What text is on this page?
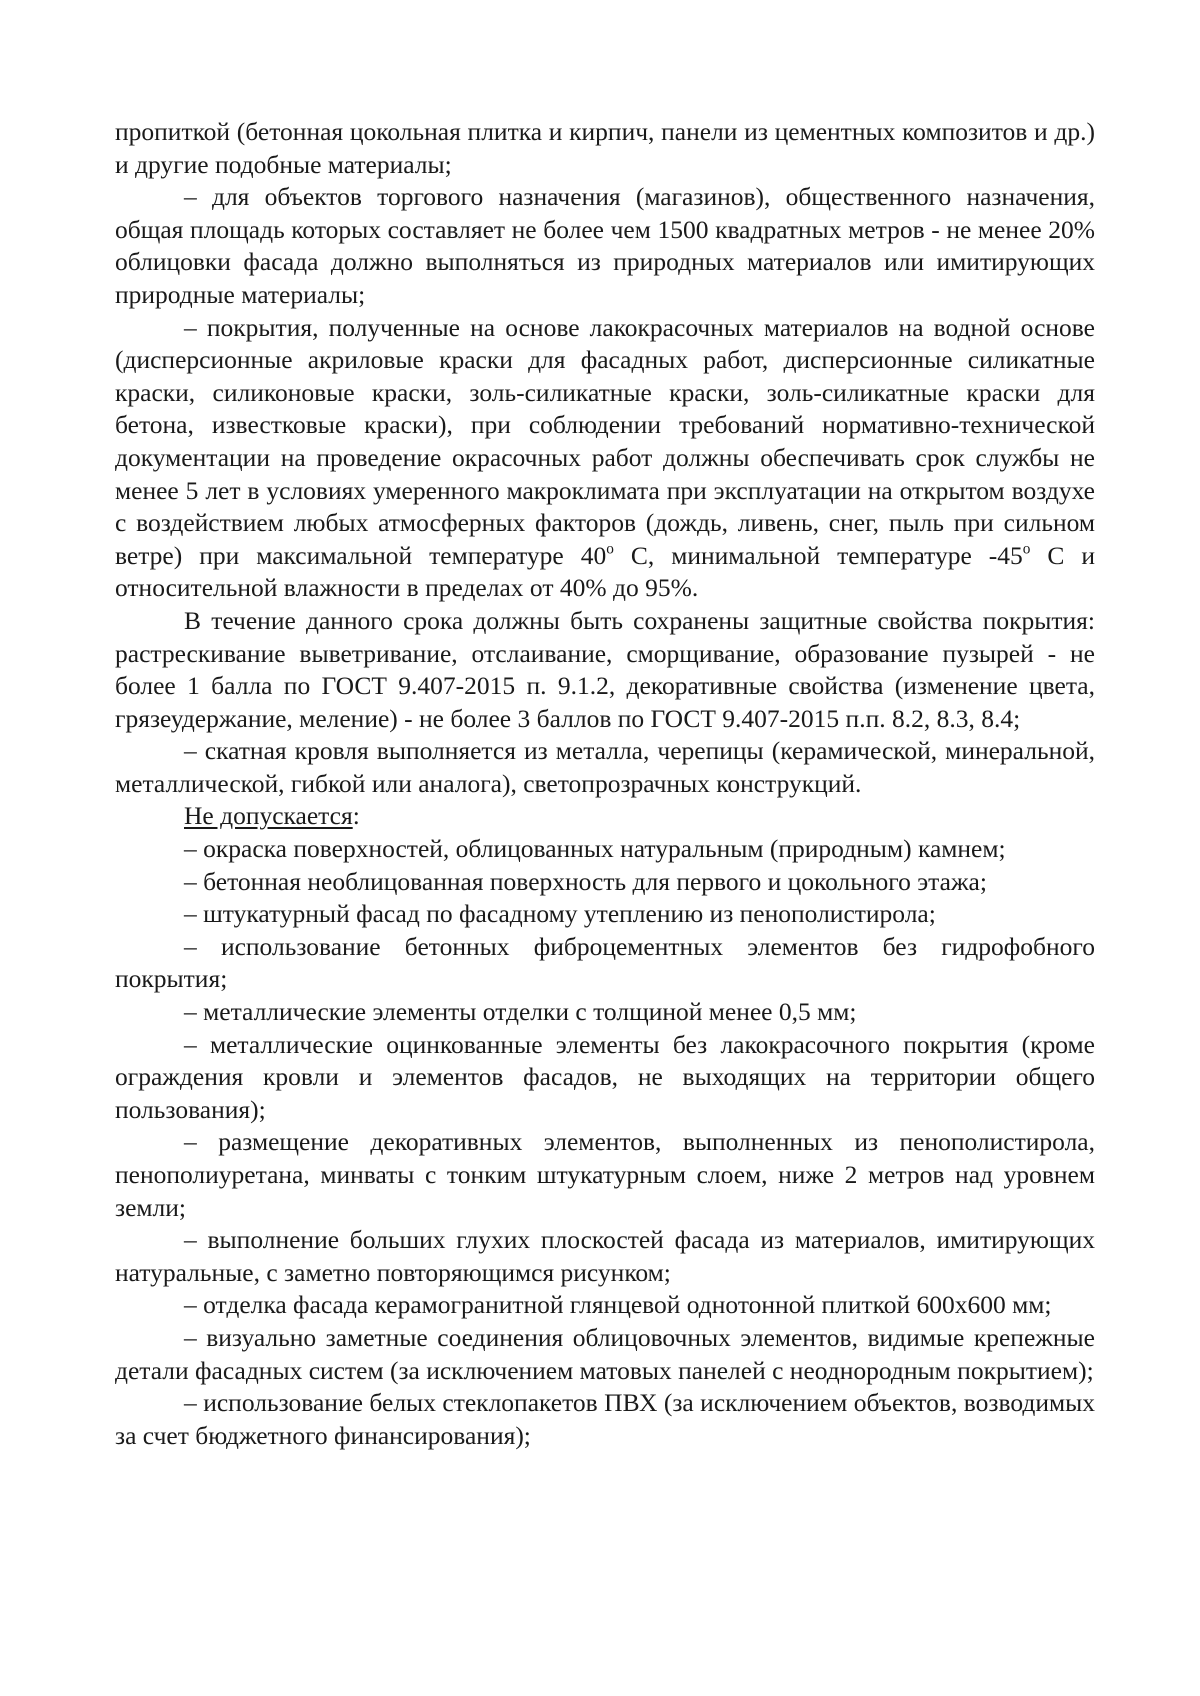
пропиткой (бетонная цокольная плитка и кирпич, панели из цементных композитов и др.) и другие подобные материалы;

– для объектов торгового назначения (магазинов), общественного назначения, общая площадь которых составляет не более чем 1500 квадратных метров - не менее 20% облицовки фасада должно выполняться из природных материалов или имитирующих природные материалы;

– покрытия, полученные на основе лакокрасочных материалов на водной основе (дисперсионные акриловые краски для фасадных работ, дисперсионные силикатные краски, силиконовые краски, золь-силикатные краски, золь-силикатные краски для бетона, известковые краски), при соблюдении требований нормативно-технической документации на проведение окрасочных работ должны обеспечивать срок службы не менее 5 лет в условиях умеренного макроклимата при эксплуатации на открытом воздухе с воздействием любых атмосферных факторов (дождь, ливень, снег, пыль при сильном ветре) при максимальной температуре $40^о$ С, минимальной температуре $-45^о$ С и относительной влажности в пределах от 40% до 95%.

В течение данного срока должны быть сохранены защитные свойства покрытия: растрескивание выветривание, отслаивание, сморщивание, образование пузырей - не более 1 балла по ГОСТ 9.407-2015 п. 9.1.2, декоративные свойства (изменение цвета, грязеудержание, меление) - не более 3 баллов по ГОСТ 9.407-2015 п.п. 8.2, 8.3, 8.4;

– скатная кровля выполняется из металла, черепицы (керамической, минеральной, металлической, гибкой или аналога), светопрозрачных конструкций.

Не допускается:

– окраска поверхностей, облицованных натуральным (природным) камнем;

– бетонная необлицованная поверхность для первого и цокольного этажа;

– штукатурный фасад по фасадному утеплению из пенополистирола;

– использование бетонных фиброцементных элементов без гидрофобного покрытия;

– металлические элементы отделки с толщиной менее 0,5 мм;

– металлические оцинкованные элементы без лакокрасочного покрытия (кроме ограждения кровли и элементов фасадов, не выходящих на территории общего пользования);

– размещение декоративных элементов, выполненных из пенополистирола, пенополиуретана, минваты с тонким штукатурным слоем, ниже 2 метров над уровнем земли;

– выполнение больших глухих плоскостей фасада из материалов, имитирующих натуральные, с заметно повторяющимся рисунком;

– отделка фасада керамогранитной глянцевой однотонной плиткой 600х600 мм;

– визуально заметные соединения облицовочных элементов, видимые крепежные детали фасадных систем (за исключением матовых панелей с неоднородным покрытием);

– использование белых стеклопакетов ПВХ (за исключением объектов, возводимых за счет бюджетного финансирования);
